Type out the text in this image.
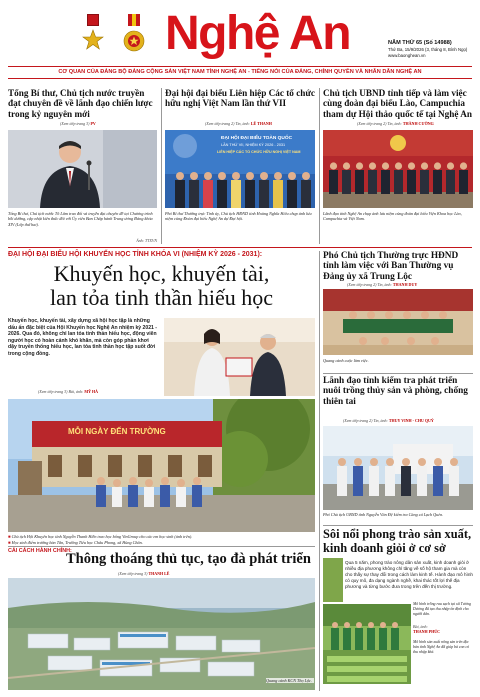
Nghệ An	NĂM THỨ 65 (Số 14988)
Thứ Ba, 15/9/2026 (3, tháng 8, Bính Ngọ)
www.baonghean.vn
CƠ QUAN CỦA ĐẢNG BỘ ĐẢNG CỘNG SẢN VIỆT NAM TỈNH NGHỆ AN - TIẾNG NÓI CỦA ĐẢNG, CHÍNH QUYỀN VÀ NHÂN DÂN NGHỆ AN
Tổng Bí thư, Chủ tịch nước truyền đạt chuyên đề về lãnh đạo chiến lược trong kỷ nguyên mới
(Xem tiếp trang 3) PV
Tổng Bí thư, Chủ tịch nước Tô Lâm trao đổi và truyền đạt chuyên đề tại Chương trình bồi dưỡng, cập nhật kiến thức đối với Ủy viên Ban Chấp hành Trung ương Đảng khóa XIV (Lớp thứ hai).
Ảnh: TTXVN
Đại hội đại biểu Liên hiệp Các tổ chức hữu nghị Việt Nam lần thứ VII
(Xem tiếp trang 2) Tin, ảnh: LÊ THANH
ĐẠI HỘI ĐẠI BIỂU TOÀN QUỐC
LẦN THỨ VII, NHIỆM KỲ 2026 - 2031
LIÊN HIỆP CÁC TỔ CHỨC HỮU NGHỊ VIỆT NAM
Phó Bí thư Thường trực Tỉnh ủy, Chủ tịch HĐND tỉnh Hoàng Nghĩa Hiếu chụp ảnh lưu niệm cùng Đoàn đại biểu Nghệ An dự Đại hội.
Chủ tịch UBND tỉnh tiếp và làm việc cùng đoàn đại biểu Lào, Campuchia tham dự Hội thảo quốc tế tại Nghệ An
(Xem tiếp trang 2) Tin, ảnh: THÀNH CƯỜNG
Lãnh đạo tỉnh Nghệ An chụp ảnh lưu niệm cùng đoàn đại biểu Viện Khoa học Lào, Campuchia và Việt Nam.
ĐẠI HỘI ĐẠI BIỂU HỘI KHUYẾN HỌC TỈNH KHÓA VI (NHIỆM KỲ 2026 - 2031):
Khuyến học, khuyến tài,
lan tỏa tinh thần hiếu học
Khuyến học, khuyến tài, xây dựng xã hội học tập là những dấu ấn đặc biệt của Hội Khuyến học Nghệ An nhiệm kỳ 2021 - 2026. Qua đó, không chỉ lan tỏa tinh thần hiếu học, động viên người học có hoàn cảnh khó khăn, mà còn góp phần khơi dậy truyền thống hiếu học, lan tỏa tinh thần học tập suốt đời trong cộng đồng.
(Xem tiếp trang 3) Bài, ảnh: MỸ HÀ
MỖI NGÀY ĐẾN TRƯỜNG
■ Chủ tịch Hội Khuyến học tỉnh Nguyễn Thanh Hiền trao học bổng VinGroup cho các em học sinh (ảnh trên).
■ Học sinh điểm trường bản Tân, Trường Tiểu học Châu Phong, xã Hùng Chân.
CẢI CÁCH HÀNH CHÍNH:
Thông thoáng thủ tục, tạo đà phát triển
(Xem tiếp trang 3) THANH LÊ
Quang cảnh KCN Thọ Lộc.
Phó Chủ tịch Thường trực HĐND tỉnh làm việc với Ban Thường vụ Đảng ủy xã Trung Lộc
(Xem tiếp trang 2) Tin, ảnh: THANH DUY
Quang cảnh cuộc làm việc.
Lãnh đạo tỉnh kiểm tra phát triển nuôi trồng thủy sản và phòng, chống thiên tai
(Xem tiếp trang 2) Tin, ảnh: THUY VINH - CHU QUÝ
Phó Chủ tịch UBND tỉnh Nguyễn Văn Đệ kiểm tra Cảng cá Lạch Quèn.
Sôi nổi phong trào sản xuất, kinh doanh giỏi ở cơ sở
Qua 5 năm, phong trào nông dân sản xuất, kinh doanh giỏi ở nhiều địa phương không chỉ tăng về số hộ tham gia mà còn cho thấy sự thay đổi trong cách làm kinh tế. Hành đạo mô hình có quy mô, đa dạng ngành nghề, khai thác tốt lợi thế địa phương và từng bước đưa trong trên đến thị trường.
Mô hình trồng rau sạch tại xã Tương Dương đã tạo thu nhập ổn định cho người dân.
Bài, ảnh:
THANH PHÚC
Mô hình sản xuất nông sản trên địa bàn tỉnh Nghệ An đã giúp bà con có thu nhập khá.
